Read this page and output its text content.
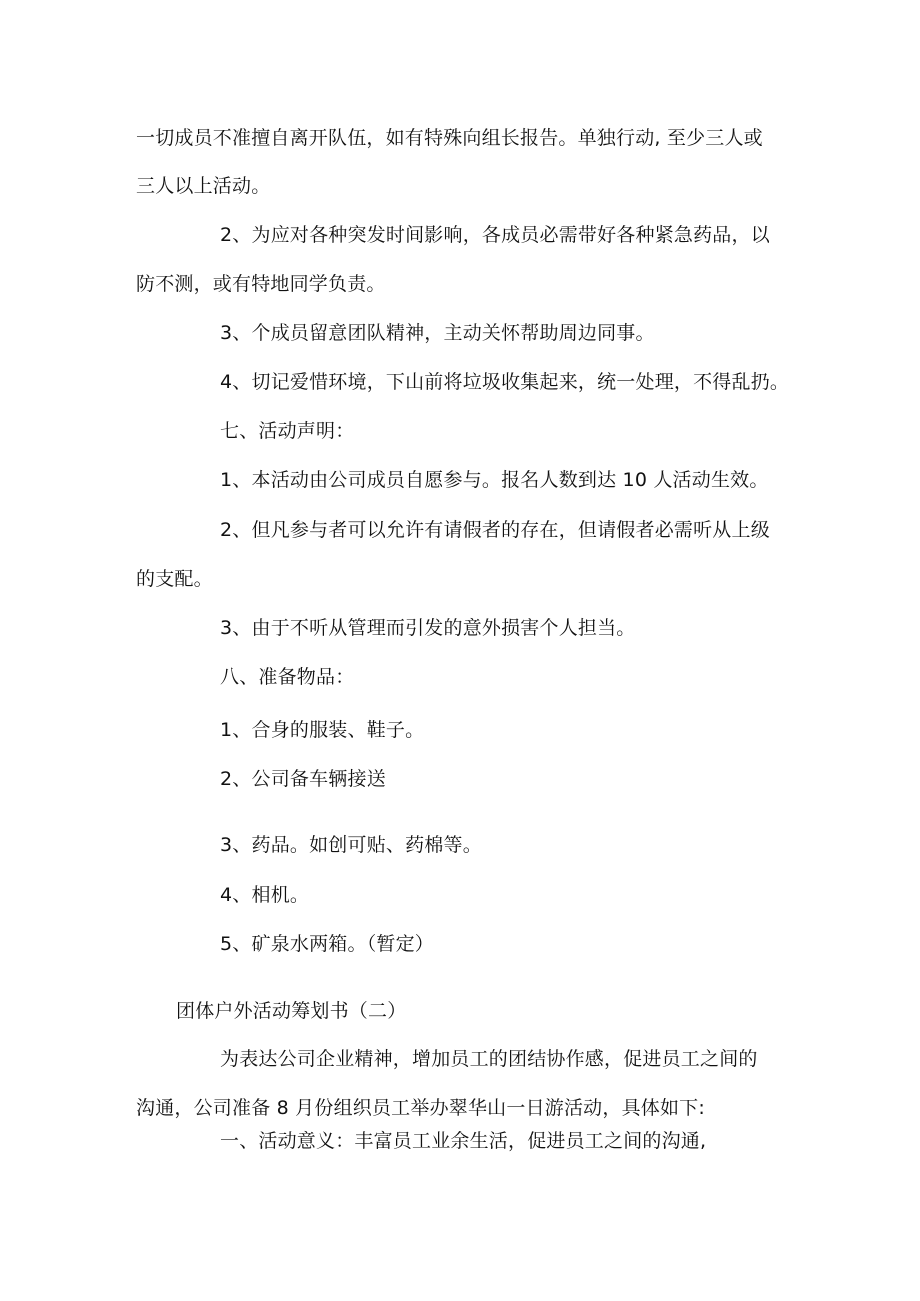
一切成员不准擅自离开队伍，如有特殊向组长报告。单独行动, 至少三人或
三人以上活动。
2、为应对各种突发时间影响，各成员必需带好各种紧急药品，以
防不测，或有特地同学负责。
3、个成员留意团队精神，主动关怀帮助周边同事。
4、切记爱惜环境，下山前将垃圾收集起来，统一处理，不得乱扔。
七、活动声明：
1、本活动由公司成员自愿参与。报名人数到达 10 人活动生效。
2、但凡参与者可以允许有请假者的存在，但请假者必需听从上级
的支配。
3、由于不听从管理而引发的意外损害个人担当。
八、准备物品：
1、合身的服装、鞋子。
2、公司备车辆接送
3、药品。如创可贴、药棉等。
4、相机。
5、矿泉水两箱。（暂定）
团体户外活动筹划书（二）
为表达公司企业精神，增加员工的团结协作感，促进员工之间的
沟通，公司准备 8 月份组织员工举办翠华山一日游活动，具体如下:
一、活动意义：丰富员工业余生活，促进员工之间的沟通,
